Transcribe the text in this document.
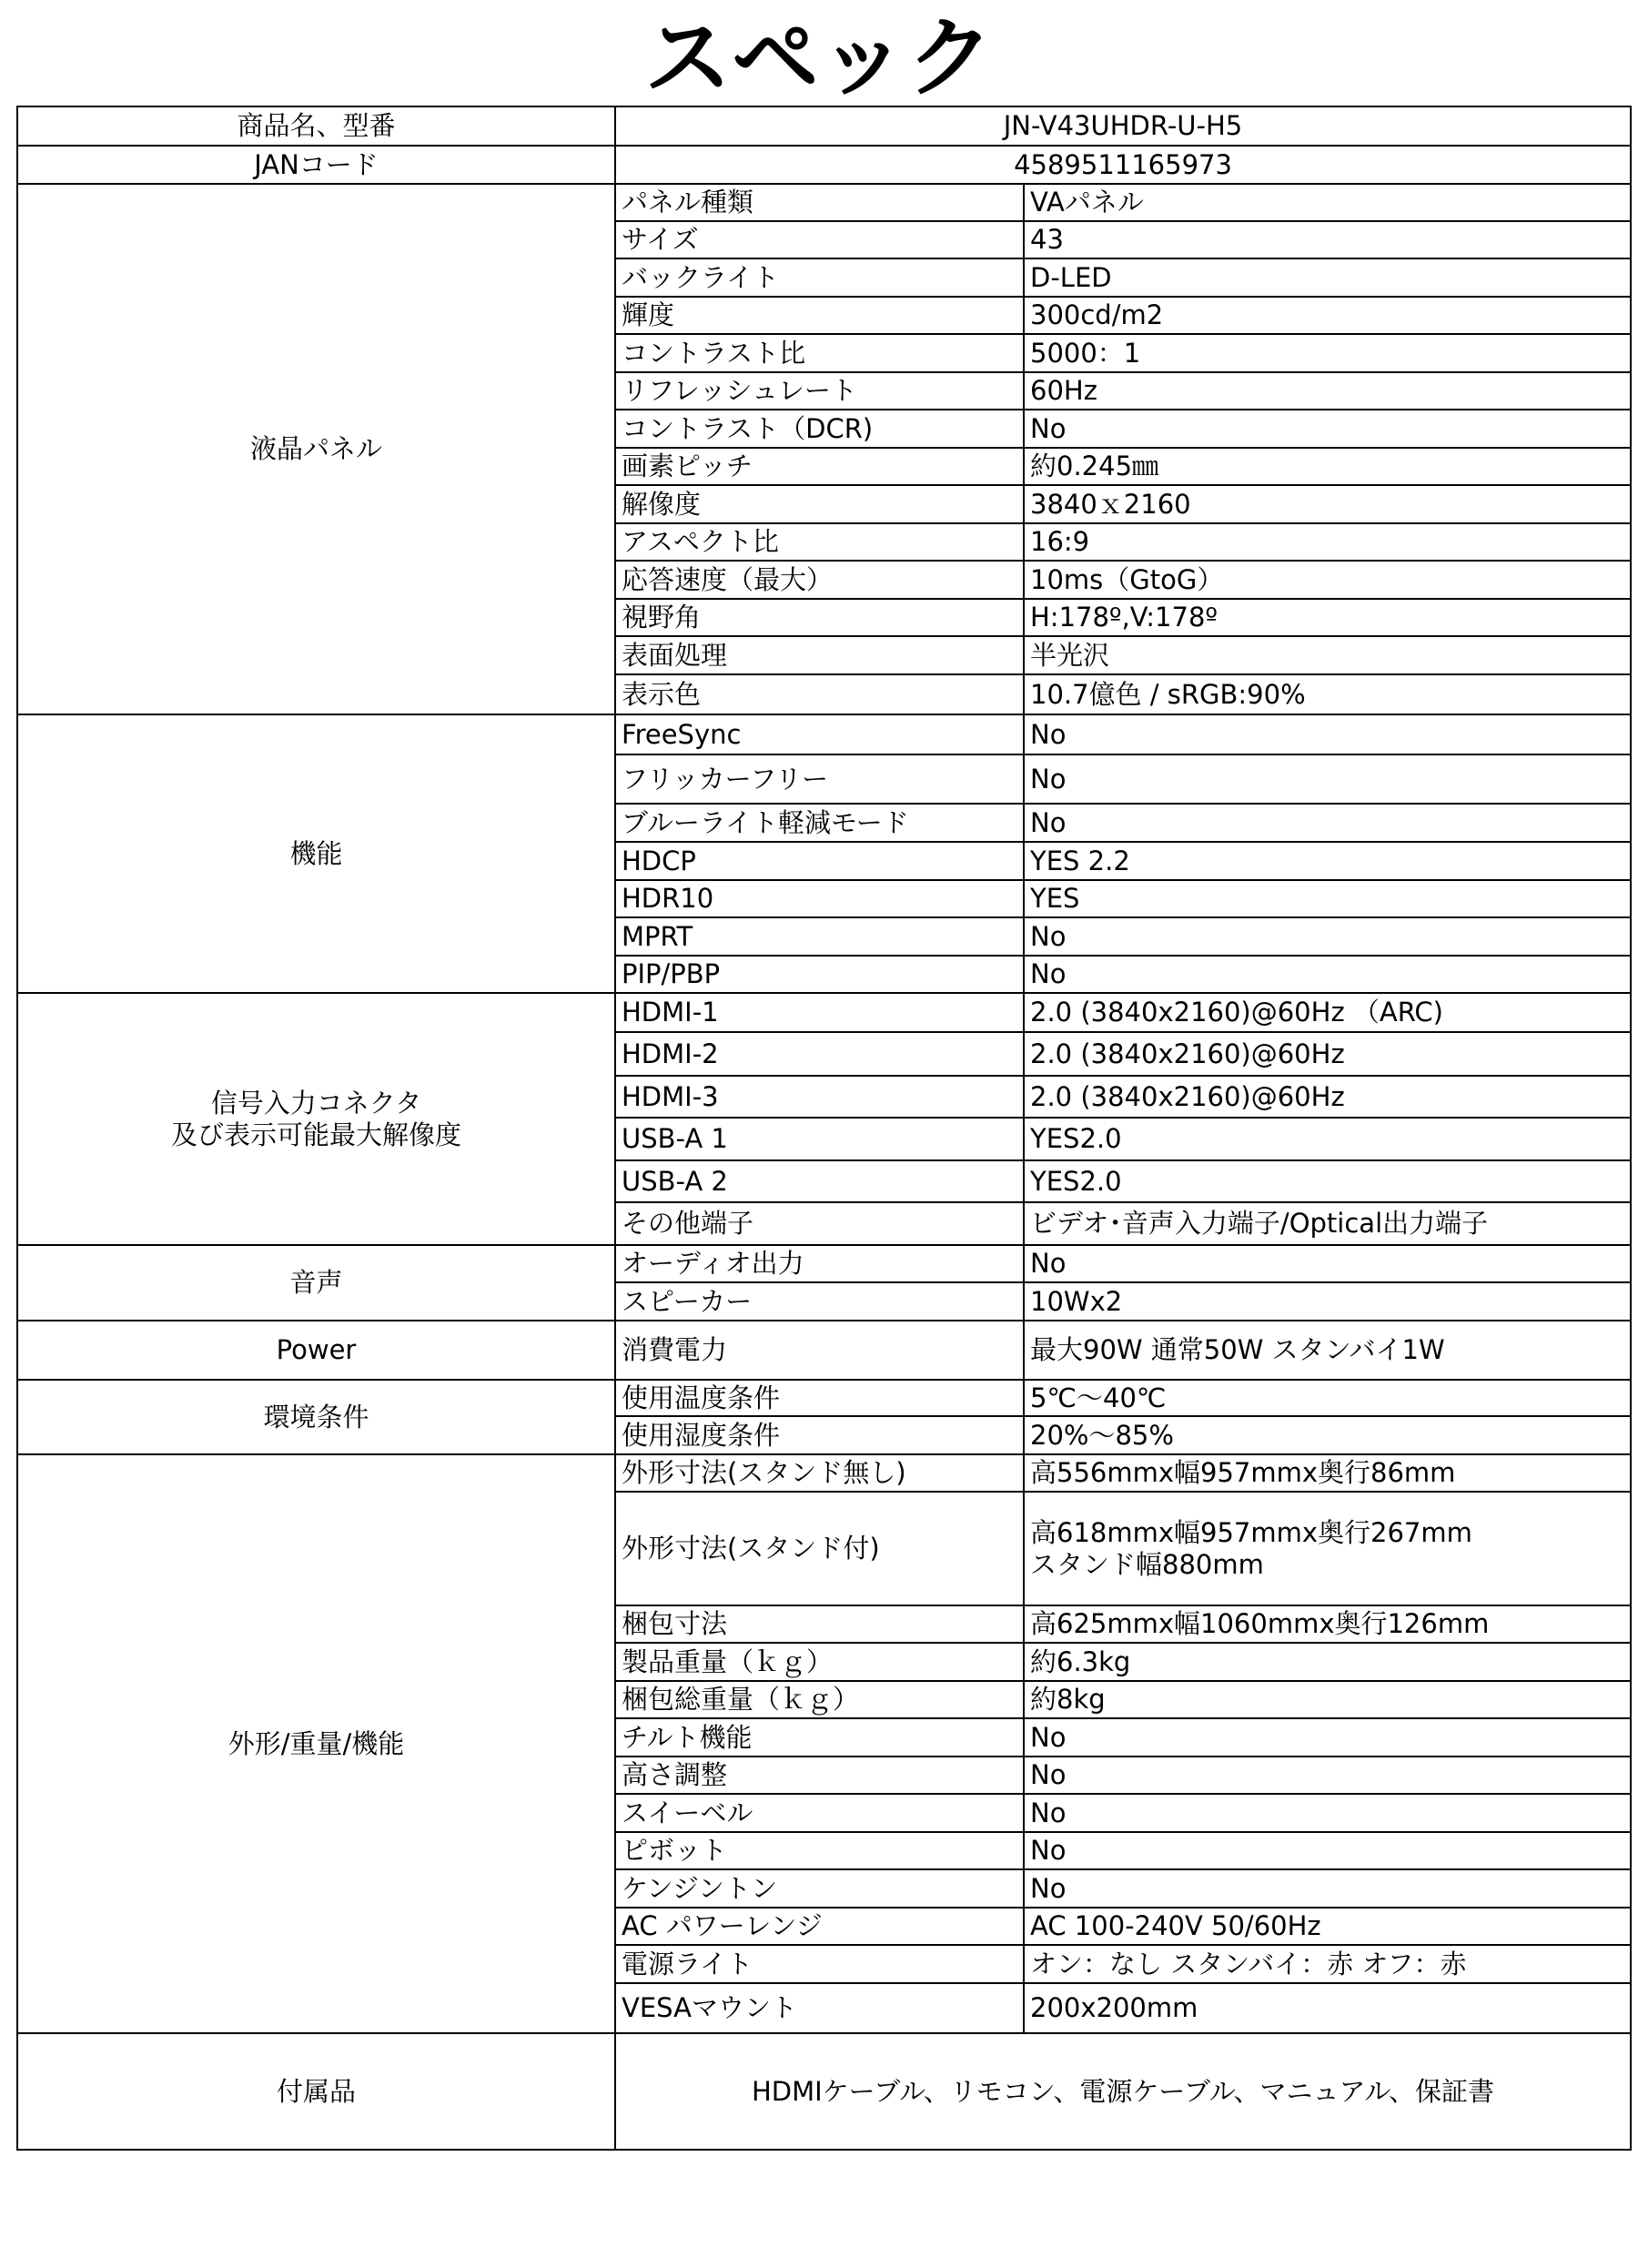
スペック
商品名、型番	JN-V43UHDR-U-H5	
JANコード	4589511165973	
液晶パネル	パネル種類	VAパネル
	サイズ	43
	バックライト	D-LED
	輝度	300cd/m2
	コントラスト比	5000：1
	リフレッシュレート	60Hz
	コントラスト（DCR)	No
	画素ピッチ	約0.245㎜
	解像度	3840ｘ2160
	アスペクト比	16:9
	応答速度（最大）	10ms（GtoG）
	視野角	H:178º,V:178º
	表面処理	半光沢
	表示色	10.7億色 / sRGB:90%
機能	FreeSync	No
	フリッカーフリー	No
	ブルーライト軽減モード	No
	HDCP	YES 2.2
	HDR10	YES
	MPRT	No
	PIP/PBP	No

信号入力コネクタ
及び表示可能最大解像度	HDMI-1	2.0 (3840x2160)@60Hz （ARC)
	HDMI-2	2.0 (3840x2160)@60Hz
	HDMI-3	2.0 (3840x2160)@60Hz
	USB-A 1	YES2.0
	USB-A 2	YES2.0
	その他端子	ビデオ･音声入力端子/Optical出力端子
音声	オーディオ出力	No
	スピーカー	10Wx2
Power	消費電力	最大90W 通常50W スタンバイ1W
環境条件	使用温度条件	5℃～40℃
	使用湿度条件	20%～85%
外形/重量/機能	外形寸法(スタンド無し)	高556mmx幅957mmx奥行86mm
	外形寸法(スタンド付)	高618mmx幅957mmx奥行267mm
スタンド幅880mm

	梱包寸法	高625mmx幅1060mmx奥行126mm
	製品重量（ｋｇ）	約6.3kg
	梱包総重量（ｋｇ）	約8kg
	チルト機能	No
	高さ調整	No
	スイーベル	No
	ピボット	No
	ケンジントン	No
	AC パワーレンジ	AC 100-240V 50/60Hz
	電源ライト	オン：なし スタンバイ：赤 オフ：赤
	VESAマウント	200x200mm
付属品	HDMIケーブル、リモコン、電源ケーブル、マニュアル、保証書	
